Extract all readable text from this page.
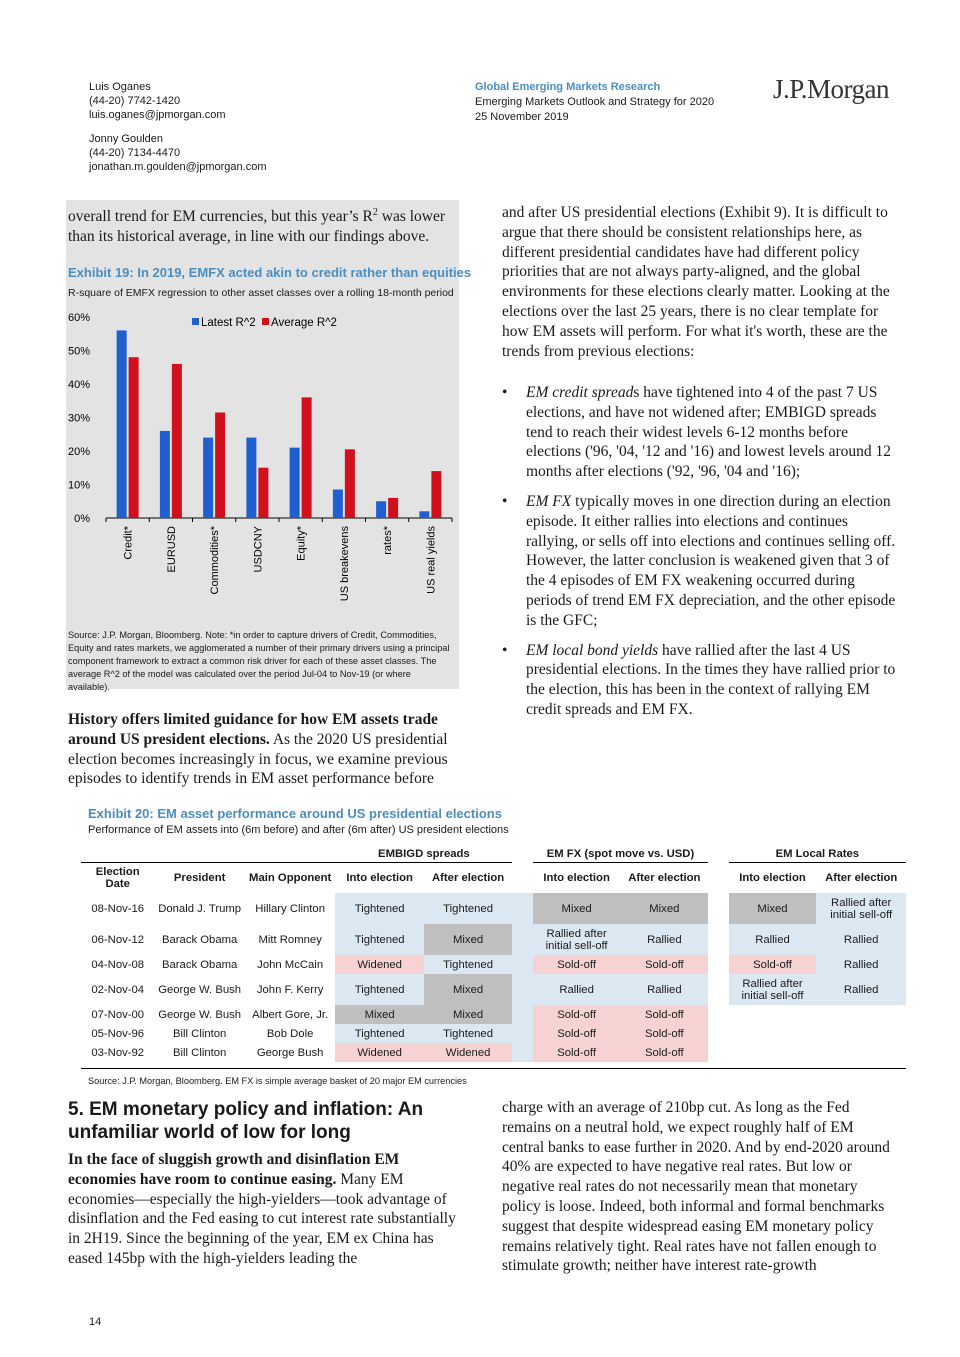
Luis Oganes
(44-20) 7742-1420
luis.oganes@jpmorgan.com
Jonny Goulden
(44-20) 7134-4470
jonathan.m.goulden@jpmorgan.com
Global Emerging Markets Research
Emerging Markets Outlook and Strategy for 2020
25 November 2019
J.P.Morgan
overall trend for EM currencies, but this year’s $R^2$ was lower than its historical average, in line with our findings above.
Exhibit 19: In 2019, EMFX acted akin to credit rather than equities
R-square of EMFX regression to other asset classes over a rolling 18-month period
0%
10%
20%
30%
40%
50%
60%
Credit*	EURUSD	Commodities*	USDCNY	Equity*	US breakevens	rates*	US real yields
Latest R^2 Average R^2
Source: J.P. Morgan, Bloomberg. Note: *in order to capture drivers of Credit, Commodities, Equity and rates markets, we agglomerated a number of their primary drivers using a principal component framework to extract a common risk driver for each of these asset classes. The average R^2 of the model was calculated over the period Jul-04 to Nov-19 (or where available).
History offers limited guidance for how EM assets trade around US president elections. As the 2020 US presidential election becomes increasingly in focus, we examine previous episodes to identify trends in EM asset performance before
and after US presidential elections (Exhibit 9). It is difficult to argue that there should be consistent relationships here, as different presidential candidates have had different policy priorities that are not always party-aligned, and the global environments for these elections clearly matter. Looking at the elections over the last 25 years, there is no clear template for how EM assets will perform. For what it's worth, these are the trends from previous elections:
• EM credit spreads have tightened into 4 of the past 7 US elections, and have not widened after; EMBIGD spreads tend to reach their widest levels 6-12 months before elections ('96, '04, '12 and '16) and lowest levels around 12 months after elections ('92, '96, '04 and '16);
• EM FX typically moves in one direction during an election episode. It either rallies into elections and continues rallying, or sells off into elections and continues selling off. However, the latter conclusion is weakened given that 3 of the 4 episodes of EM FX weakening occurred during periods of trend EM FX depreciation, and the other episode is the GFC;
• EM local bond yields have rallied after the last 4 US presidential elections. In the times they have rallied prior to the election, this has been in the context of rallying EM credit spreads and EM FX.
Exhibit 20: EM asset performance around US presidential elections
Performance of EM assets into (6m before) and after (6m after) US president elections
			EMBIGD spreads			EM FX (spot move vs. USD)			EM Local Rates	
Election Date	President	Main Opponent	Into election	After election		Into election	After election		Into election	After election
08-Nov-16	Donald J. Trump	Hillary Clinton	Tightened	Tightened		Mixed	Mixed		Mixed	Rallied after initial sell-off
06-Nov-12	Barack Obama	Mitt Romney	Tightened	Mixed		Rallied after initial sell-off	Rallied		Rallied	Rallied
04-Nov-08	Barack Obama	John McCain	Widened	Tightened		Sold-off	Sold-off		Sold-off	Rallied
02-Nov-04	George W. Bush	John F. Kerry	Tightened	Mixed		Rallied	Rallied		Rallied after initial sell-off	Rallied
07-Nov-00	George W. Bush	Albert Gore, Jr.	Mixed	Mixed		Sold-off	Sold-off			
05-Nov-96	Bill Clinton	Bob Dole	Tightened	Tightened		Sold-off	Sold-off			
03-Nov-92	Bill Clinton	George Bush	Widened	Widened		Sold-off	Sold-off			
Source: J.P. Morgan, Bloomberg. EM FX is simple average basket of 20 major EM currencies
5. EM monetary policy and inflation: An unfamiliar world of low for long
In the face of sluggish growth and disinflation EM economies have room to continue easing. Many EM economies—especially the high-yielders—took advantage of disinflation and the Fed easing to cut interest rate substantially in 2H19. Since the beginning of the year, EM ex China has eased 145bp with the high-yielders leading the
charge with an average of 210bp cut. As long as the Fed remains on a neutral hold, we expect roughly half of EM central banks to ease further in 2020. And by end-2020 around 40% are expected to have negative real rates. But low or negative real rates do not necessarily mean that monetary policy is loose. Indeed, both informal and formal benchmarks suggest that despite widespread easing EM monetary policy remains relatively tight. Real rates have not fallen enough to stimulate growth; neither have interest rate-growth
14
